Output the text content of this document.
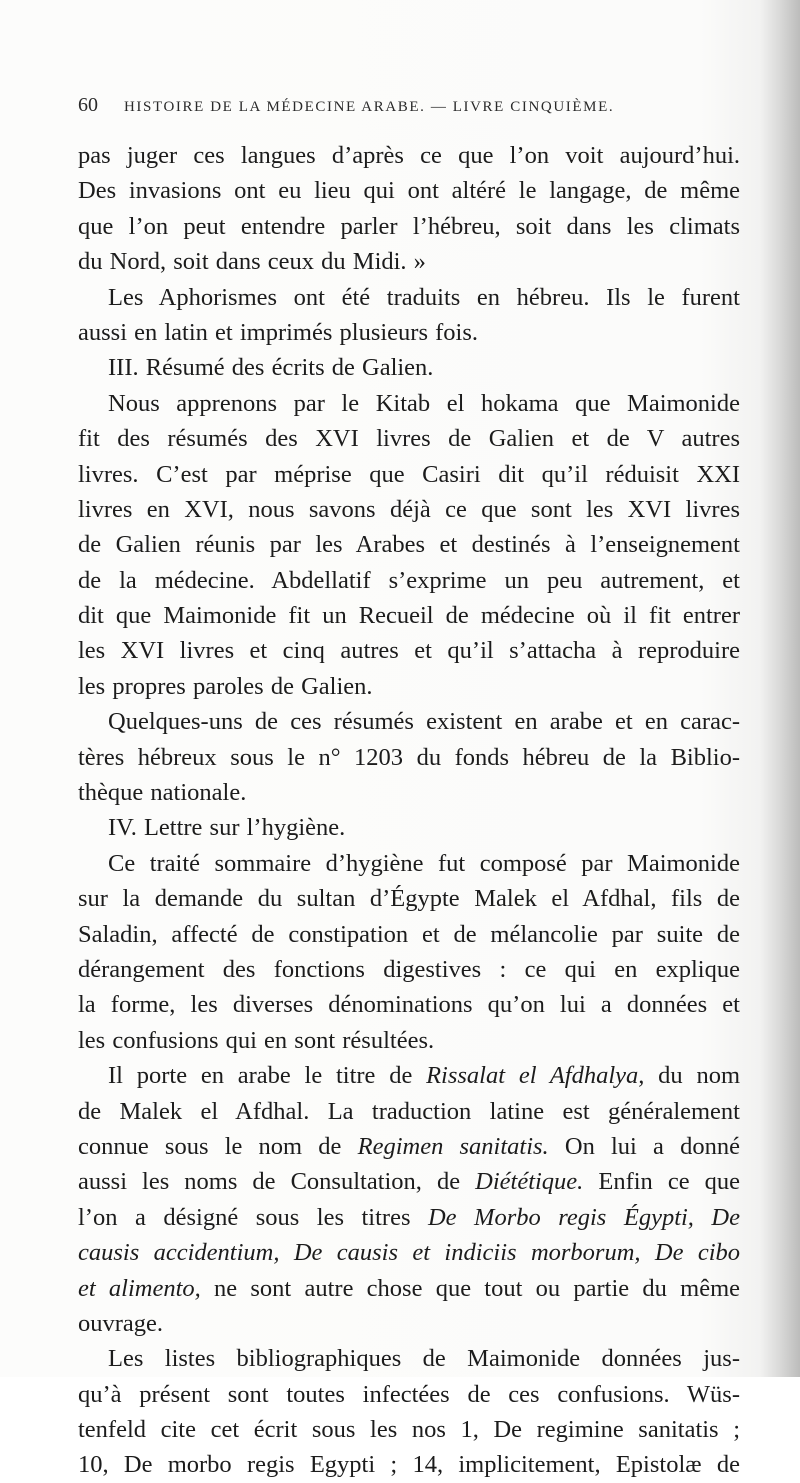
60 HISTOIRE DE LA MÉDECINE ARABE. — LIVRE CINQUIÈME.
pas juger ces langues d’après ce que l’on voit aujourd’hui.
Des invasions ont eu lieu qui ont altéré le langage, de même
que l’on peut entendre parler l’hébreu, soit dans les climats
du Nord, soit dans ceux du Midi. »
Les Aphorismes ont été traduits en hébreu. Ils le furent
aussi en latin et imprimés plusieurs fois.
III. Résumé des écrits de Galien.
Nous apprenons par le Kitab el hokama que Maimonide
fit des résumés des XVI livres de Galien et de V autres
livres. C’est par méprise que Casiri dit qu’il réduisit XXI
livres en XVI, nous savons déjà ce que sont les XVI livres
de Galien réunis par les Arabes et destinés à l’enseignement
de la médecine. Abdellatif s’exprime un peu autrement, et
dit que Maimonide fit un Recueil de médecine où il fit entrer
les XVI livres et cinq autres et qu’il s’attacha à reproduire
les propres paroles de Galien.
Quelques-uns de ces résumés existent en arabe et en carac-
tères hébreux sous le n° 1203 du fonds hébreu de la Biblio-
thèque nationale.
IV. Lettre sur l’hygiène.
Ce traité sommaire d’hygiène fut composé par Maimonide
sur la demande du sultan d’Égypte Malek el Afdhal, fils de
Saladin, affecté de constipation et de mélancolie par suite de
dérangement des fonctions digestives : ce qui en explique
la forme, les diverses dénominations qu’on lui a données et
les confusions qui en sont résultées.
Il porte en arabe le titre de Rissalat el Afdhalya, du nom
de Malek el Afdhal. La traduction latine est généralement
connue sous le nom de Regimen sanitatis. On lui a donné
aussi les noms de Consultation, de Diététique. Enfin ce que
l’on a désigné sous les titres De Morbo regis Égypti, De
causis accidentium, De causis et indiciis morborum, De cibo
et alimento, ne sont autre chose que tout ou partie du même
ouvrage.
Les listes bibliographiques de Maimonide données jus-
qu’à présent sont toutes infectées de ces confusions. Wüs-
tenfeld cite cet écrit sous les nos 1, De regimine sanitatis ;
10, De morbo regis Egypti ; 14, implicitement, Epistolæ de
